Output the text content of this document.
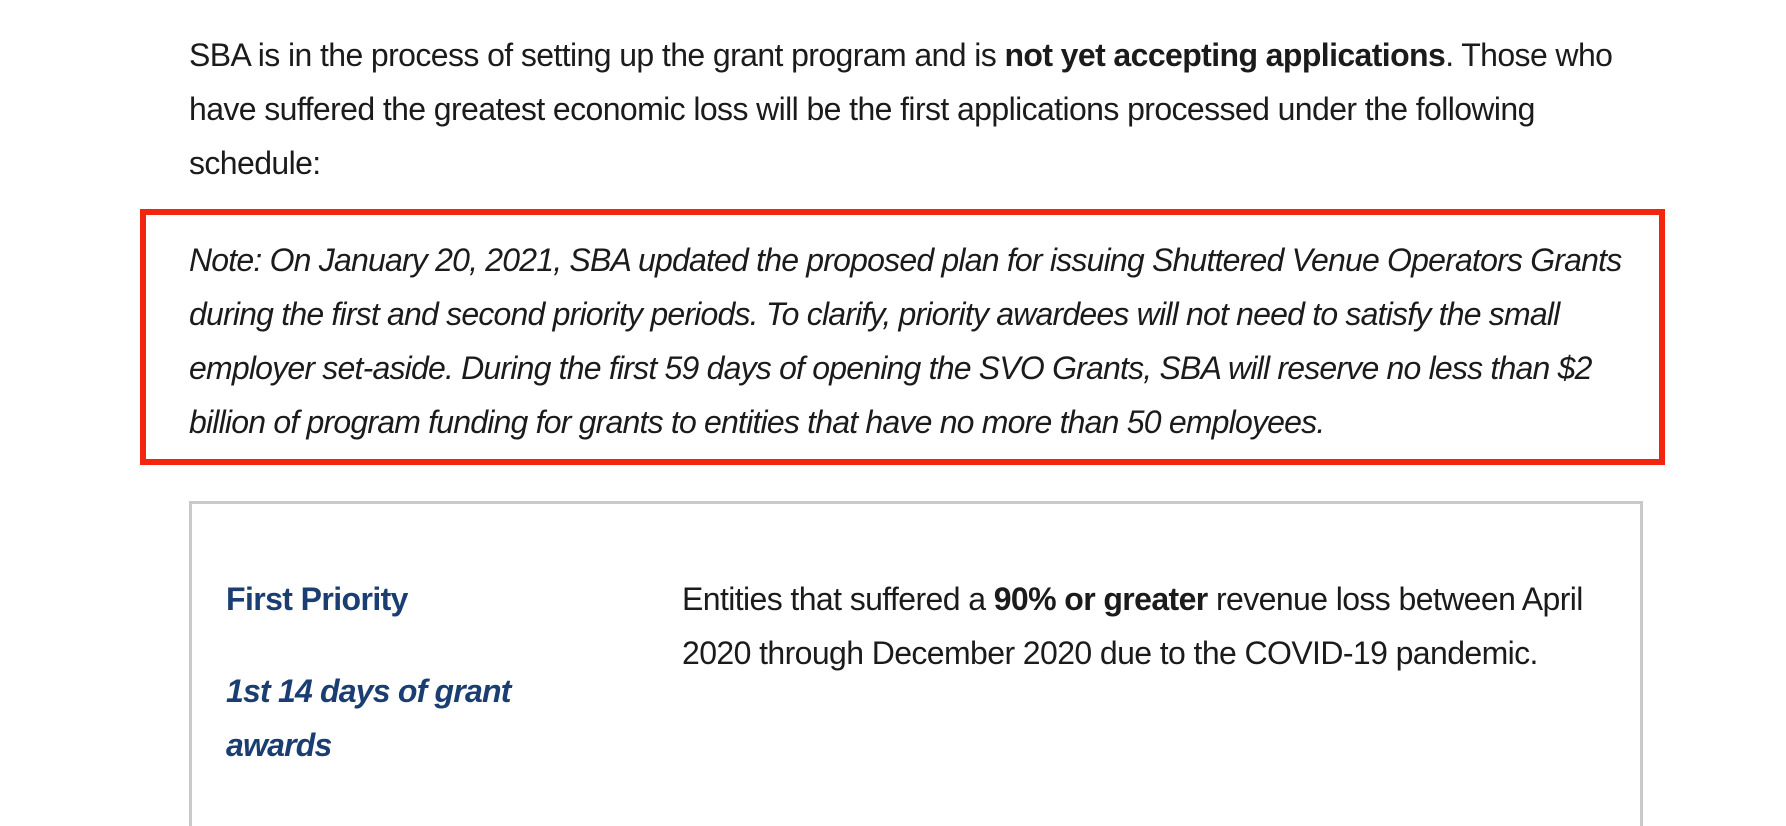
SBA is in the process of setting up the grant program and is not yet accepting applications. Those who have suffered the greatest economic loss will be the first applications processed under the following schedule:

Note: On January 20, 2021, SBA updated the proposed plan for issuing Shuttered Venue Operators Grants during the first and second priority periods. To clarify, priority awardees will not need to satisfy the small employer set-aside. During the first 59 days of opening the SVO Grants, SBA will reserve no less than $2 billion of program funding for grants to entities that have no more than 50 employees.

First Priority

1st 14 days of grant awards

Entities that suffered a 90% or greater revenue loss between April 2020 through December 2020 due to the COVID-19 pandemic.
